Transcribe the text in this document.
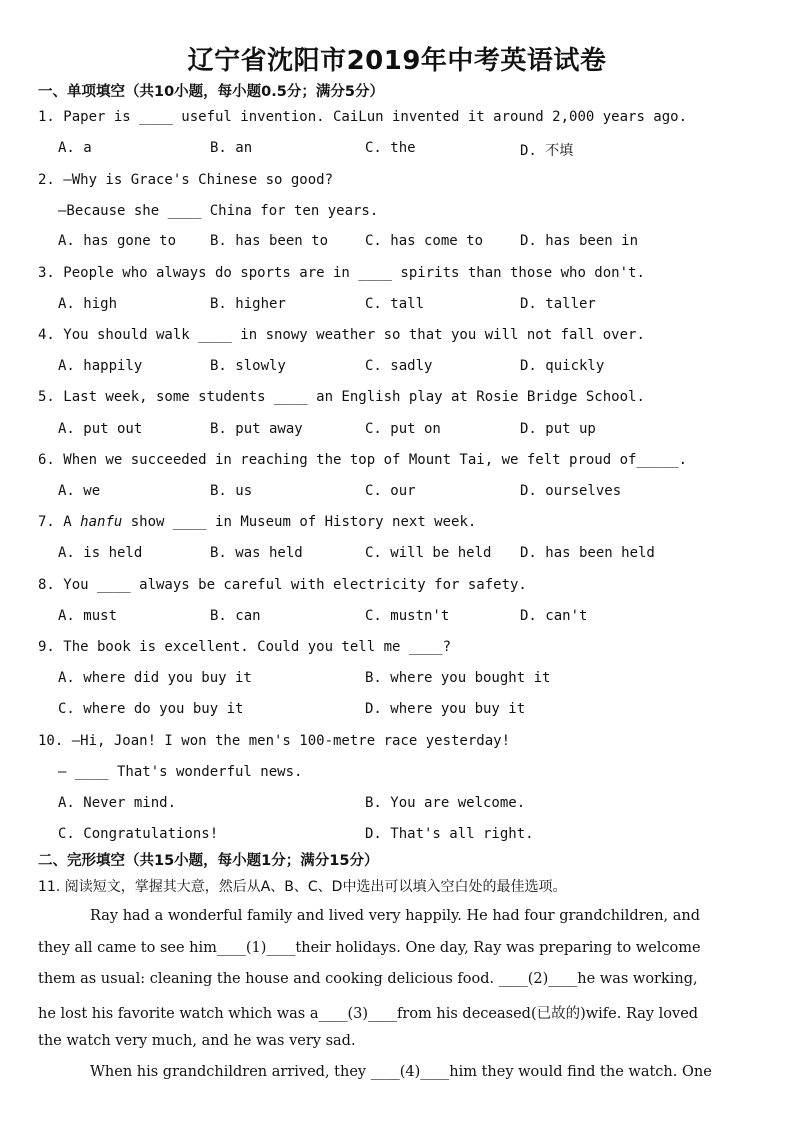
辽宁省沈阳市2019年中考英语试卷
一、单项填空（共10小题，每小题0.5分；满分5分）
1. Paper is ____ useful invention. CaiLun invented it around 2,000 years ago.
A. a	B. an	C. the	D. 不填
2. —Why is Grace's Chinese so good?
—Because she ____ China for ten years.
A. has gone to B. has been to	C. has come to	D. has been in
3. People who always do sports are in ____ spirits than those who don't.
A. high	B. higher	C. tall	D. taller
4. You should walk ____ in snowy weather so that you will not fall over.
A. happily	B. slowly	C. sadly	D. quickly
5. Last week, some students ____ an English play at Rosie Bridge School.
A. put out	B. put away	C. put on	D. put up
6. When we succeeded in reaching the top of Mount Tai, we felt proud of_____.
A. we	B. us	C. our	D. ourselves
7. A hanfu show ____ in Museum of History next week.
A. is held	B. was held	C. will be held D. has been held
8. You ____ always be careful with electricity for safety.
A. must	B. can	C. mustn't	D. can't
9. The book is excellent. Could you tell me ____?
A. where did you buy it	B. where you bought it
C. where do you buy it	D. where you buy it
10. —Hi, Joan! I won the men's 100-metre race yesterday!
— ____ That's wonderful news.
A. Never mind.	B. You are welcome.
C. Congratulations!	D. That's all right.
二、完形填空（共15小题，每小题1分；满分15分）
11. 阅读短文，掌握其大意，然后从A、B、C、D中选出可以填入空白处的最佳选项。
Ray had a wonderful family and lived very happily. He had four grandchildren, and
they all came to see him____(1)____their holidays. One day, Ray was preparing to welcome
them as usual: cleaning the house and cooking delicious food. ____(2)____he was working,
he lost his favorite watch which was a____(3)____from his deceased(已故的)wife. Ray loved
the watch very much, and he was very sad.
When his grandchildren arrived, they ____(4)____him they would find the watch. One
